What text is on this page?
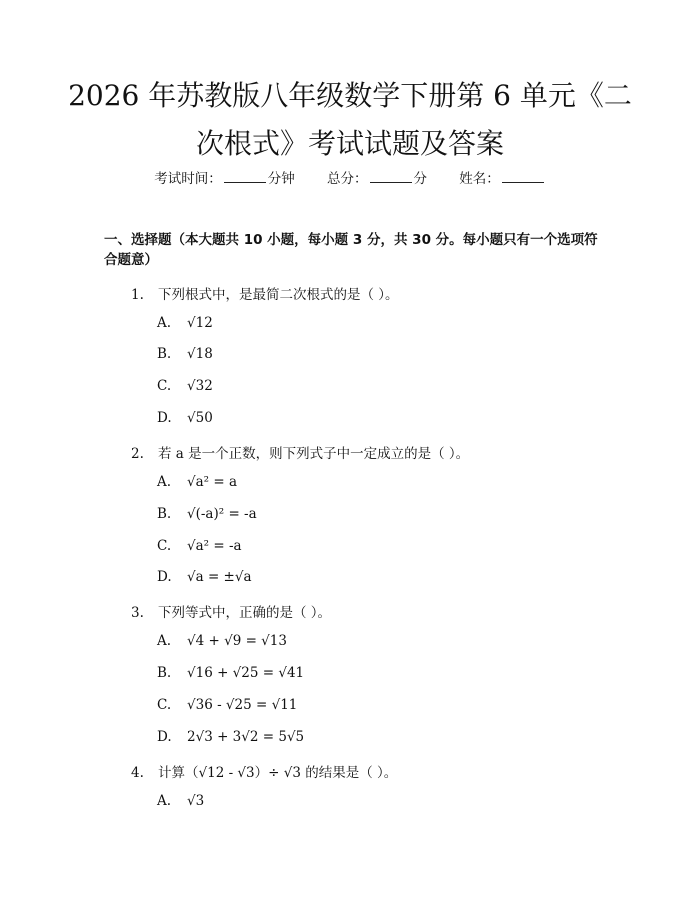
2026 年苏教版八年级数学下册第 6 单元《二
次根式》考试试题及答案
考试时间：	分钟 总分：	分 姓名：
一、选择题（本大题共 10 小题，每小题 3 分，共 30 分。每小题只有一个选项符合题意）
1. 下列根式中，是最简二次根式的是（ ）。
A. √12
B. √18
C. √32
D. √50
2. 若 a 是一个正数，则下列式子中一定成立的是（ ）。
A. √a² = a
B. √(-a)² = -a
C. √a² = -a
D. √a = ±√a
3. 下列等式中，正确的是（ ）。
A. √4 + √9 = √13
B. √16 + √25 = √41
C. √36 - √25 = √11
D. 2√3 + 3√2 = 5√5
4. 计算（√12 - √3）÷ √3 的结果是（ ）。
A. √3
